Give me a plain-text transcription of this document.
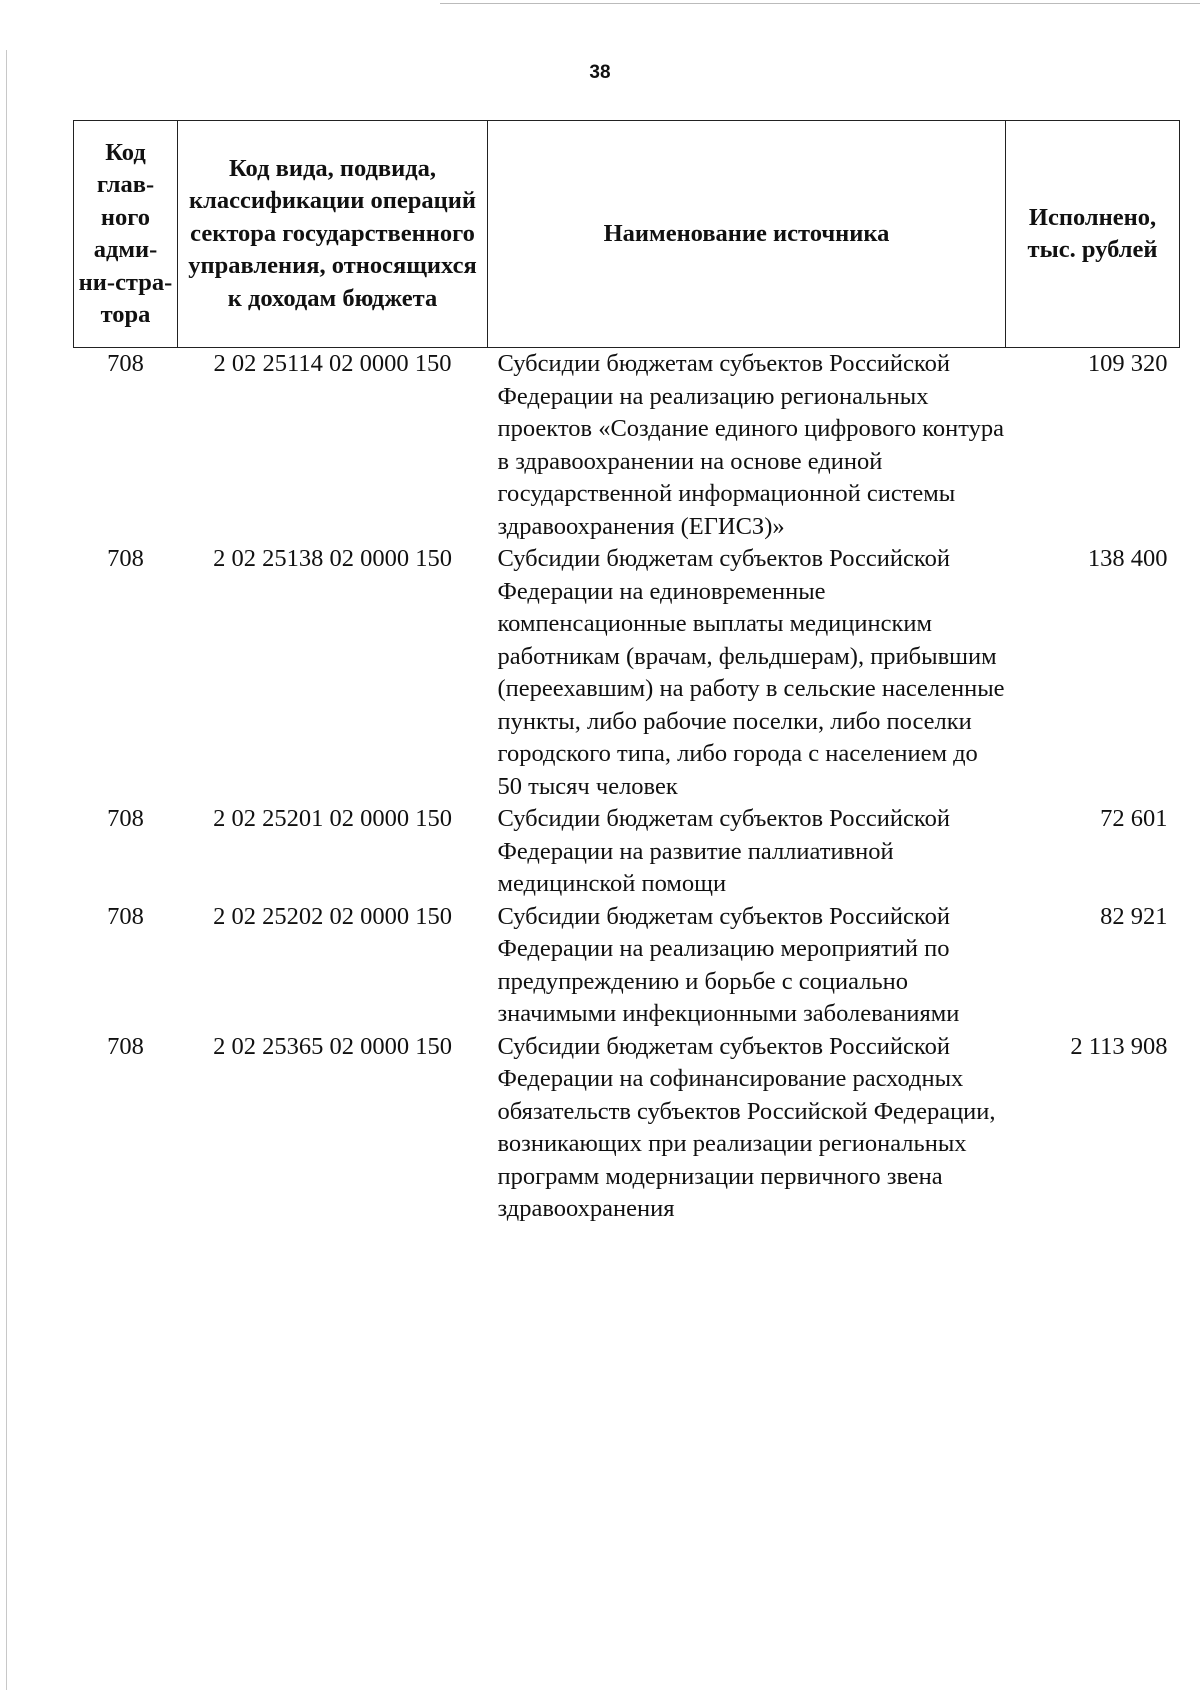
38
Код глав-ного адми-ни-стра-тора	Код вида, подвида, классификации операций сектора государственного управления, относящихся к доходам бюджета	Наименование источника	Исполнено, тыс. рублей
708	2 02 25114 02 0000 150	Субсидии бюджетам субъектов Российской Федерации на реализацию региональных проектов «Создание единого цифрового контура в здравоохранении на основе единой государственной информационной системы здравоохранения (ЕГИСЗ)»	109 320
708	2 02 25138 02 0000 150	Субсидии бюджетам субъектов Российской Федерации на единовременные компенсационные выплаты медицинским работникам (врачам, фельдшерам), прибывшим (переехавшим) на работу в сельские населенные пункты, либо рабочие поселки, либо поселки городского типа, либо города с населением до 50 тысяч человек	138 400
708	2 02 25201 02 0000 150	Субсидии бюджетам субъектов Российской Федерации на развитие паллиативной медицинской помощи	72 601
708	2 02 25202 02 0000 150	Субсидии бюджетам субъектов Российской Федерации на реализацию мероприятий по предупреждению и борьбе с социально значимыми инфекционными заболеваниями	82 921
708	2 02 25365 02 0000 150	Субсидии бюджетам субъектов Российской Федерации на софинансирование расходных обязательств субъектов Российской Федерации, возникающих при реализации региональных программ модернизации первичного звена здравоохранения	2 113 908
